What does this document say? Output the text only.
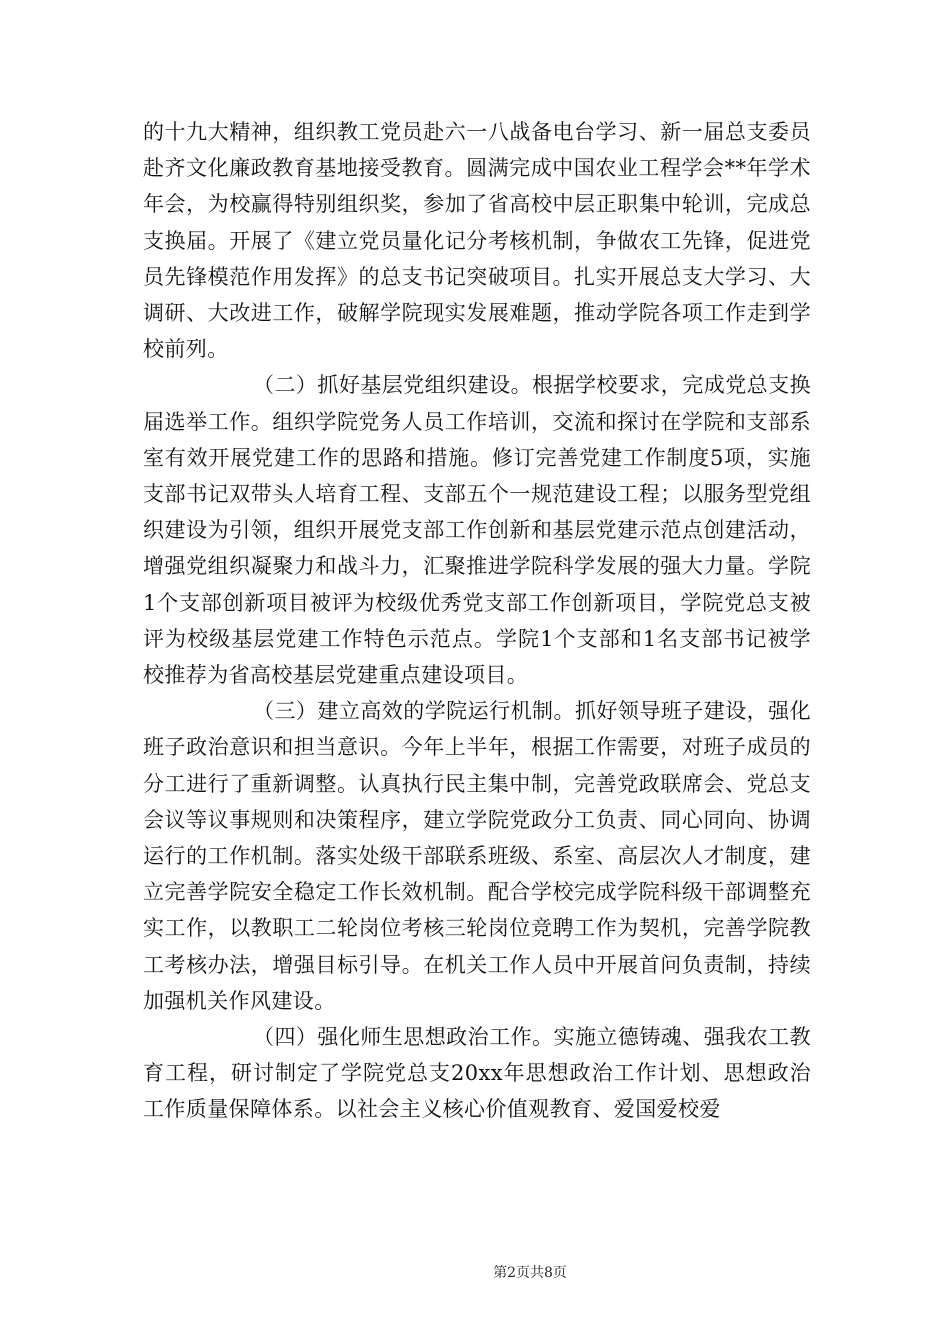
的十九大精神，组织教工党员赴六一八战备电台学习、新一届总支委员赴齐文化廉政教育基地接受教育。圆满完成中国农业工程学会**年学术年会，为校赢得特别组织奖，参加了省高校中层正职集中轮训，完成总支换届。开展了《建立党员量化记分考核机制，争做农工先锋，促进党员先锋模范作用发挥》的总支书记突破项目。扎实开展总支大学习、大调研、大改进工作，破解学院现实发展难题，推动学院各项工作走到学校前列。

（二）抓好基层党组织建设。根据学校要求，完成党总支换届选举工作。组织学院党务人员工作培训，交流和探讨在学院和支部系室有效开展党建工作的思路和措施。修订完善党建工作制度5项，实施支部书记双带头人培育工程、支部五个一规范建设工程；以服务型党组织建设为引领，组织开展党支部工作创新和基层党建示范点创建活动，增强党组织凝聚力和战斗力，汇聚推进学院科学发展的强大力量。学院1个支部创新项目被评为校级优秀党支部工作创新项目，学院党总支被评为校级基层党建工作特色示范点。学院1个支部和1名支部书记被学校推荐为省高校基层党建重点建设项目。

（三）建立高效的学院运行机制。抓好领导班子建设，强化班子政治意识和担当意识。今年上半年，根据工作需要，对班子成员的分工进行了重新调整。认真执行民主集中制，完善党政联席会、党总支会议等议事规则和决策程序，建立学院党政分工负责、同心同向、协调运行的工作机制。落实处级干部联系班级、系室、高层次人才制度，建立完善学院安全稳定工作长效机制。配合学校完成学院科级干部调整充实工作，以教职工二轮岗位考核三轮岗位竞聘工作为契机，完善学院教工考核办法，增强目标引导。在机关工作人员中开展首问负责制，持续加强机关作风建设。

（四）强化师生思想政治工作。实施立德铸魂、强我农工教育工程，研讨制定了学院党总支20xx年思想政治工作计划、思想政治工作质量保障体系。以社会主义核心价值观教育、爱国爱校爱

第2页共8页
